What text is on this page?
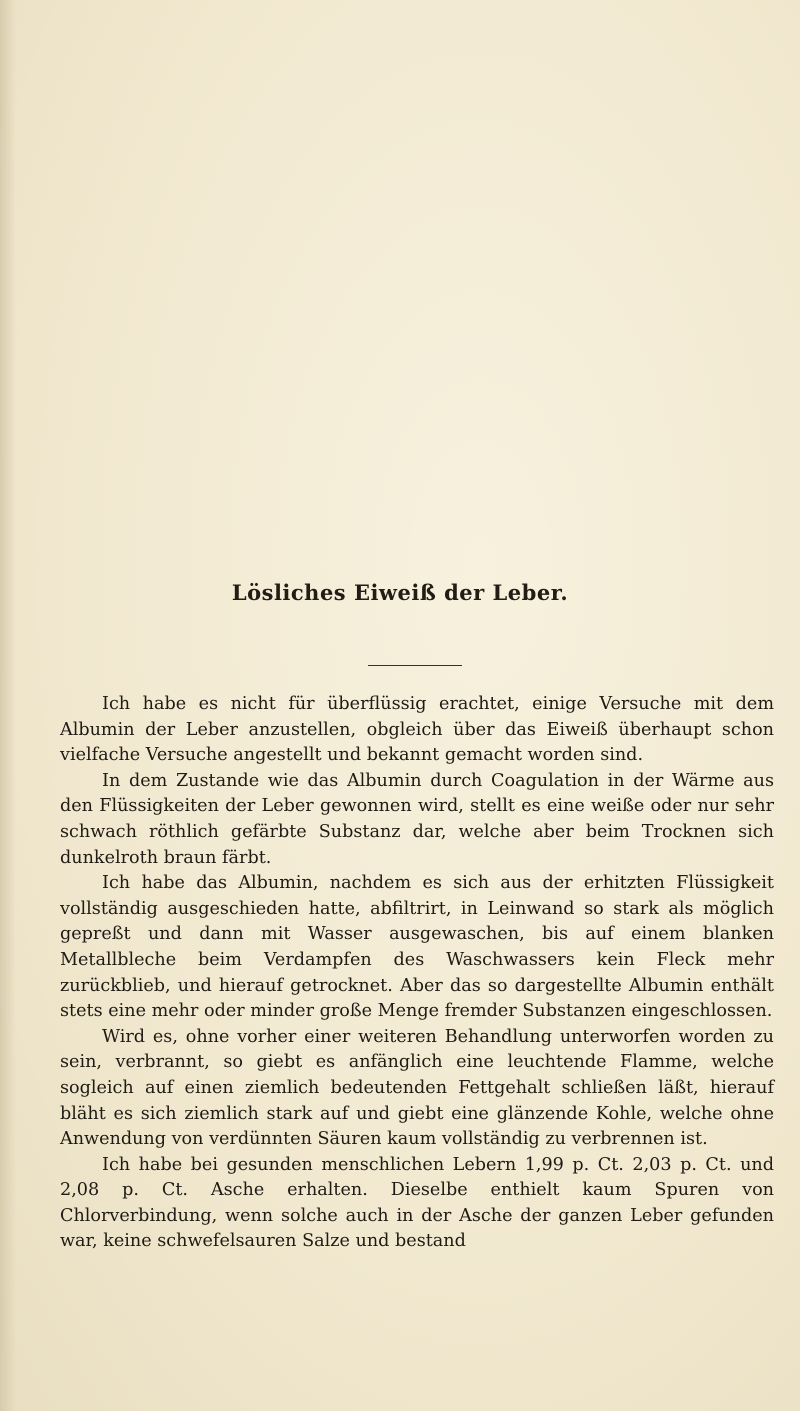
Lösliches Eiweiß der Leber.

Ich habe es nicht für überflüssig erachtet, einige Versuche mit dem Albumin der Leber anzustellen, obgleich über das Eiweiß überhaupt schon vielfache Versuche angestellt und bekannt gemacht worden sind.

In dem Zustande wie das Albumin durch Coagulation in der Wärme aus den Flüssigkeiten der Leber gewonnen wird, stellt es eine weiße oder nur sehr schwach röthlich gefärbte Substanz dar, welche aber beim Trocknen sich dunkelroth braun färbt.

Ich habe das Albumin, nachdem es sich aus der erhitzten Flüssigkeit vollständig ausgeschieden hatte, abfiltrirt, in Leinwand so stark als möglich gepreßt und dann mit Wasser ausgewaschen, bis auf einem blanken Metallbleche beim Verdampfen des Waschwassers kein Fleck mehr zurückblieb, und hierauf getrocknet. Aber das so dargestellte Albumin enthält stets eine mehr oder minder große Menge fremder Substanzen eingeschlossen.

Wird es, ohne vorher einer weiteren Behandlung unterworfen worden zu sein, verbrannt, so giebt es anfänglich eine leuchtende Flamme, welche sogleich auf einen ziemlich bedeutenden Fettgehalt schließen läßt, hierauf bläht es sich ziemlich stark auf und giebt eine glänzende Kohle, welche ohne Anwendung von verdünnten Säuren kaum vollständig zu verbrennen ist.

Ich habe bei gesunden menschlichen Lebern 1,99 p. Ct. 2,03 p. Ct. und 2,08 p. Ct. Asche erhalten. Dieselbe enthielt kaum Spuren von Chlorverbindung, wenn solche auch in der Asche der ganzen Leber gefunden war, keine schwefelsauren Salze und bestand
